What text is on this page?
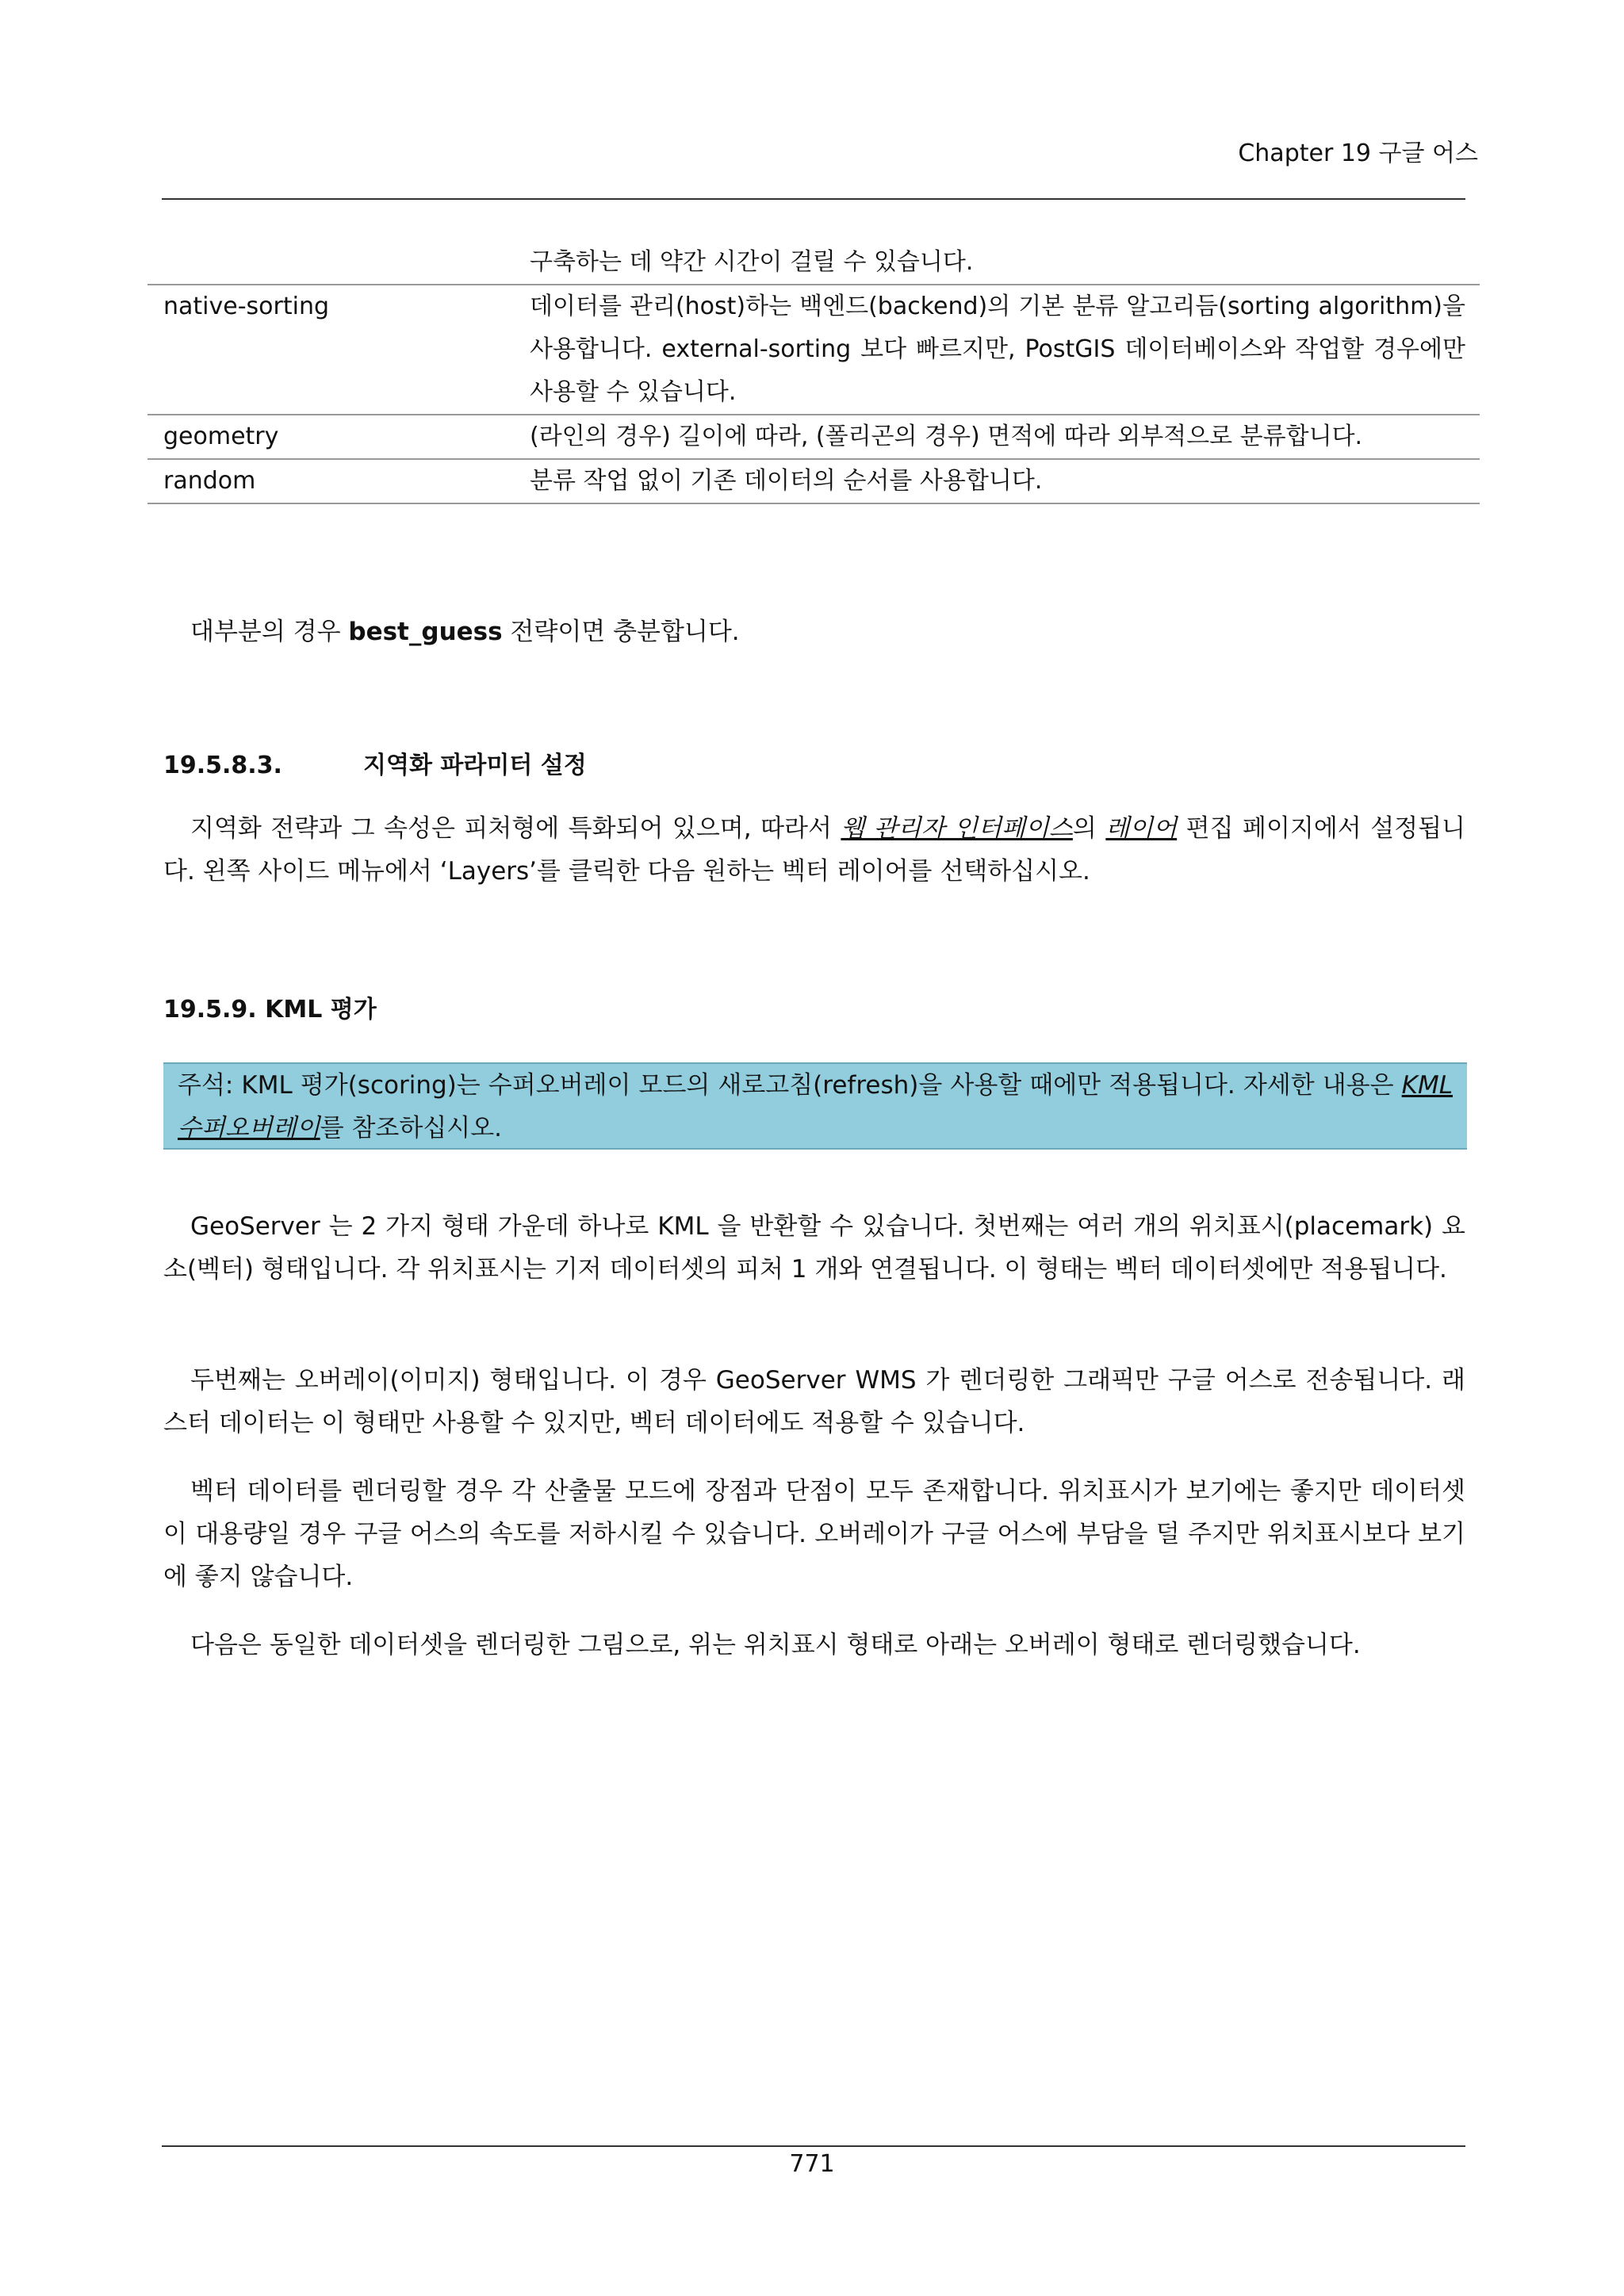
Chapter 19 구글 어스
구축하는 데 약간 시간이 걸릴 수 있습니다.
native-sorting	데이터를 관리(host)하는 백엔드(backend)의 기본 분류 알고리듬(sorting algorithm)을 사용합니다. external-sorting 보다 빠르지만, PostGIS 데이터베이스와 작업할 경우에만 사용할 수 있습니다.
geometry	(라인의 경우) 길이에 따라, (폴리곤의 경우) 면적에 따라 외부적으로 분류합니다.
random	분류 작업 없이 기존 데이터의 순서를 사용합니다.
대부분의 경우 best_guess 전략이면 충분합니다.
19.5.8.3.	지역화 파라미터 설정
지역화 전략과 그 속성은 피처형에 특화되어 있으며, 따라서 웹 관리자 인터페이스의 레이어 편집 페이지에서 설정됩니다. 왼쪽 사이드 메뉴에서 ‘Layers’를 클릭한 다음 원하는 벡터 레이어를 선택하십시오.
19.5.9. KML 평가
주석: KML 평가(scoring)는 수퍼오버레이 모드의 새로고침(refresh)을 사용할 때에만 적용됩니다. 자세한 내용은 KML 수퍼오버레이를 참조하십시오.
GeoServer 는 2 가지 형태 가운데 하나로 KML 을 반환할 수 있습니다. 첫번째는 여러 개의 위치표시(placemark) 요소(벡터) 형태입니다. 각 위치표시는 기저 데이터셋의 피처 1 개와 연결됩니다. 이 형태는 벡터 데이터셋에만 적용됩니다.
두번째는 오버레이(이미지) 형태입니다. 이 경우 GeoServer WMS 가 렌더링한 그래픽만 구글 어스로 전송됩니다. 래스터 데이터는 이 형태만 사용할 수 있지만, 벡터 데이터에도 적용할 수 있습니다.
벡터 데이터를 렌더링할 경우 각 산출물 모드에 장점과 단점이 모두 존재합니다. 위치표시가 보기에는 좋지만 데이터셋이 대용량일 경우 구글 어스의 속도를 저하시킬 수 있습니다. 오버레이가 구글 어스에 부담을 덜 주지만 위치표시보다 보기에 좋지 않습니다.
다음은 동일한 데이터셋을 렌더링한 그림으로, 위는 위치표시 형태로 아래는 오버레이 형태로 렌더링했습니다.
771
